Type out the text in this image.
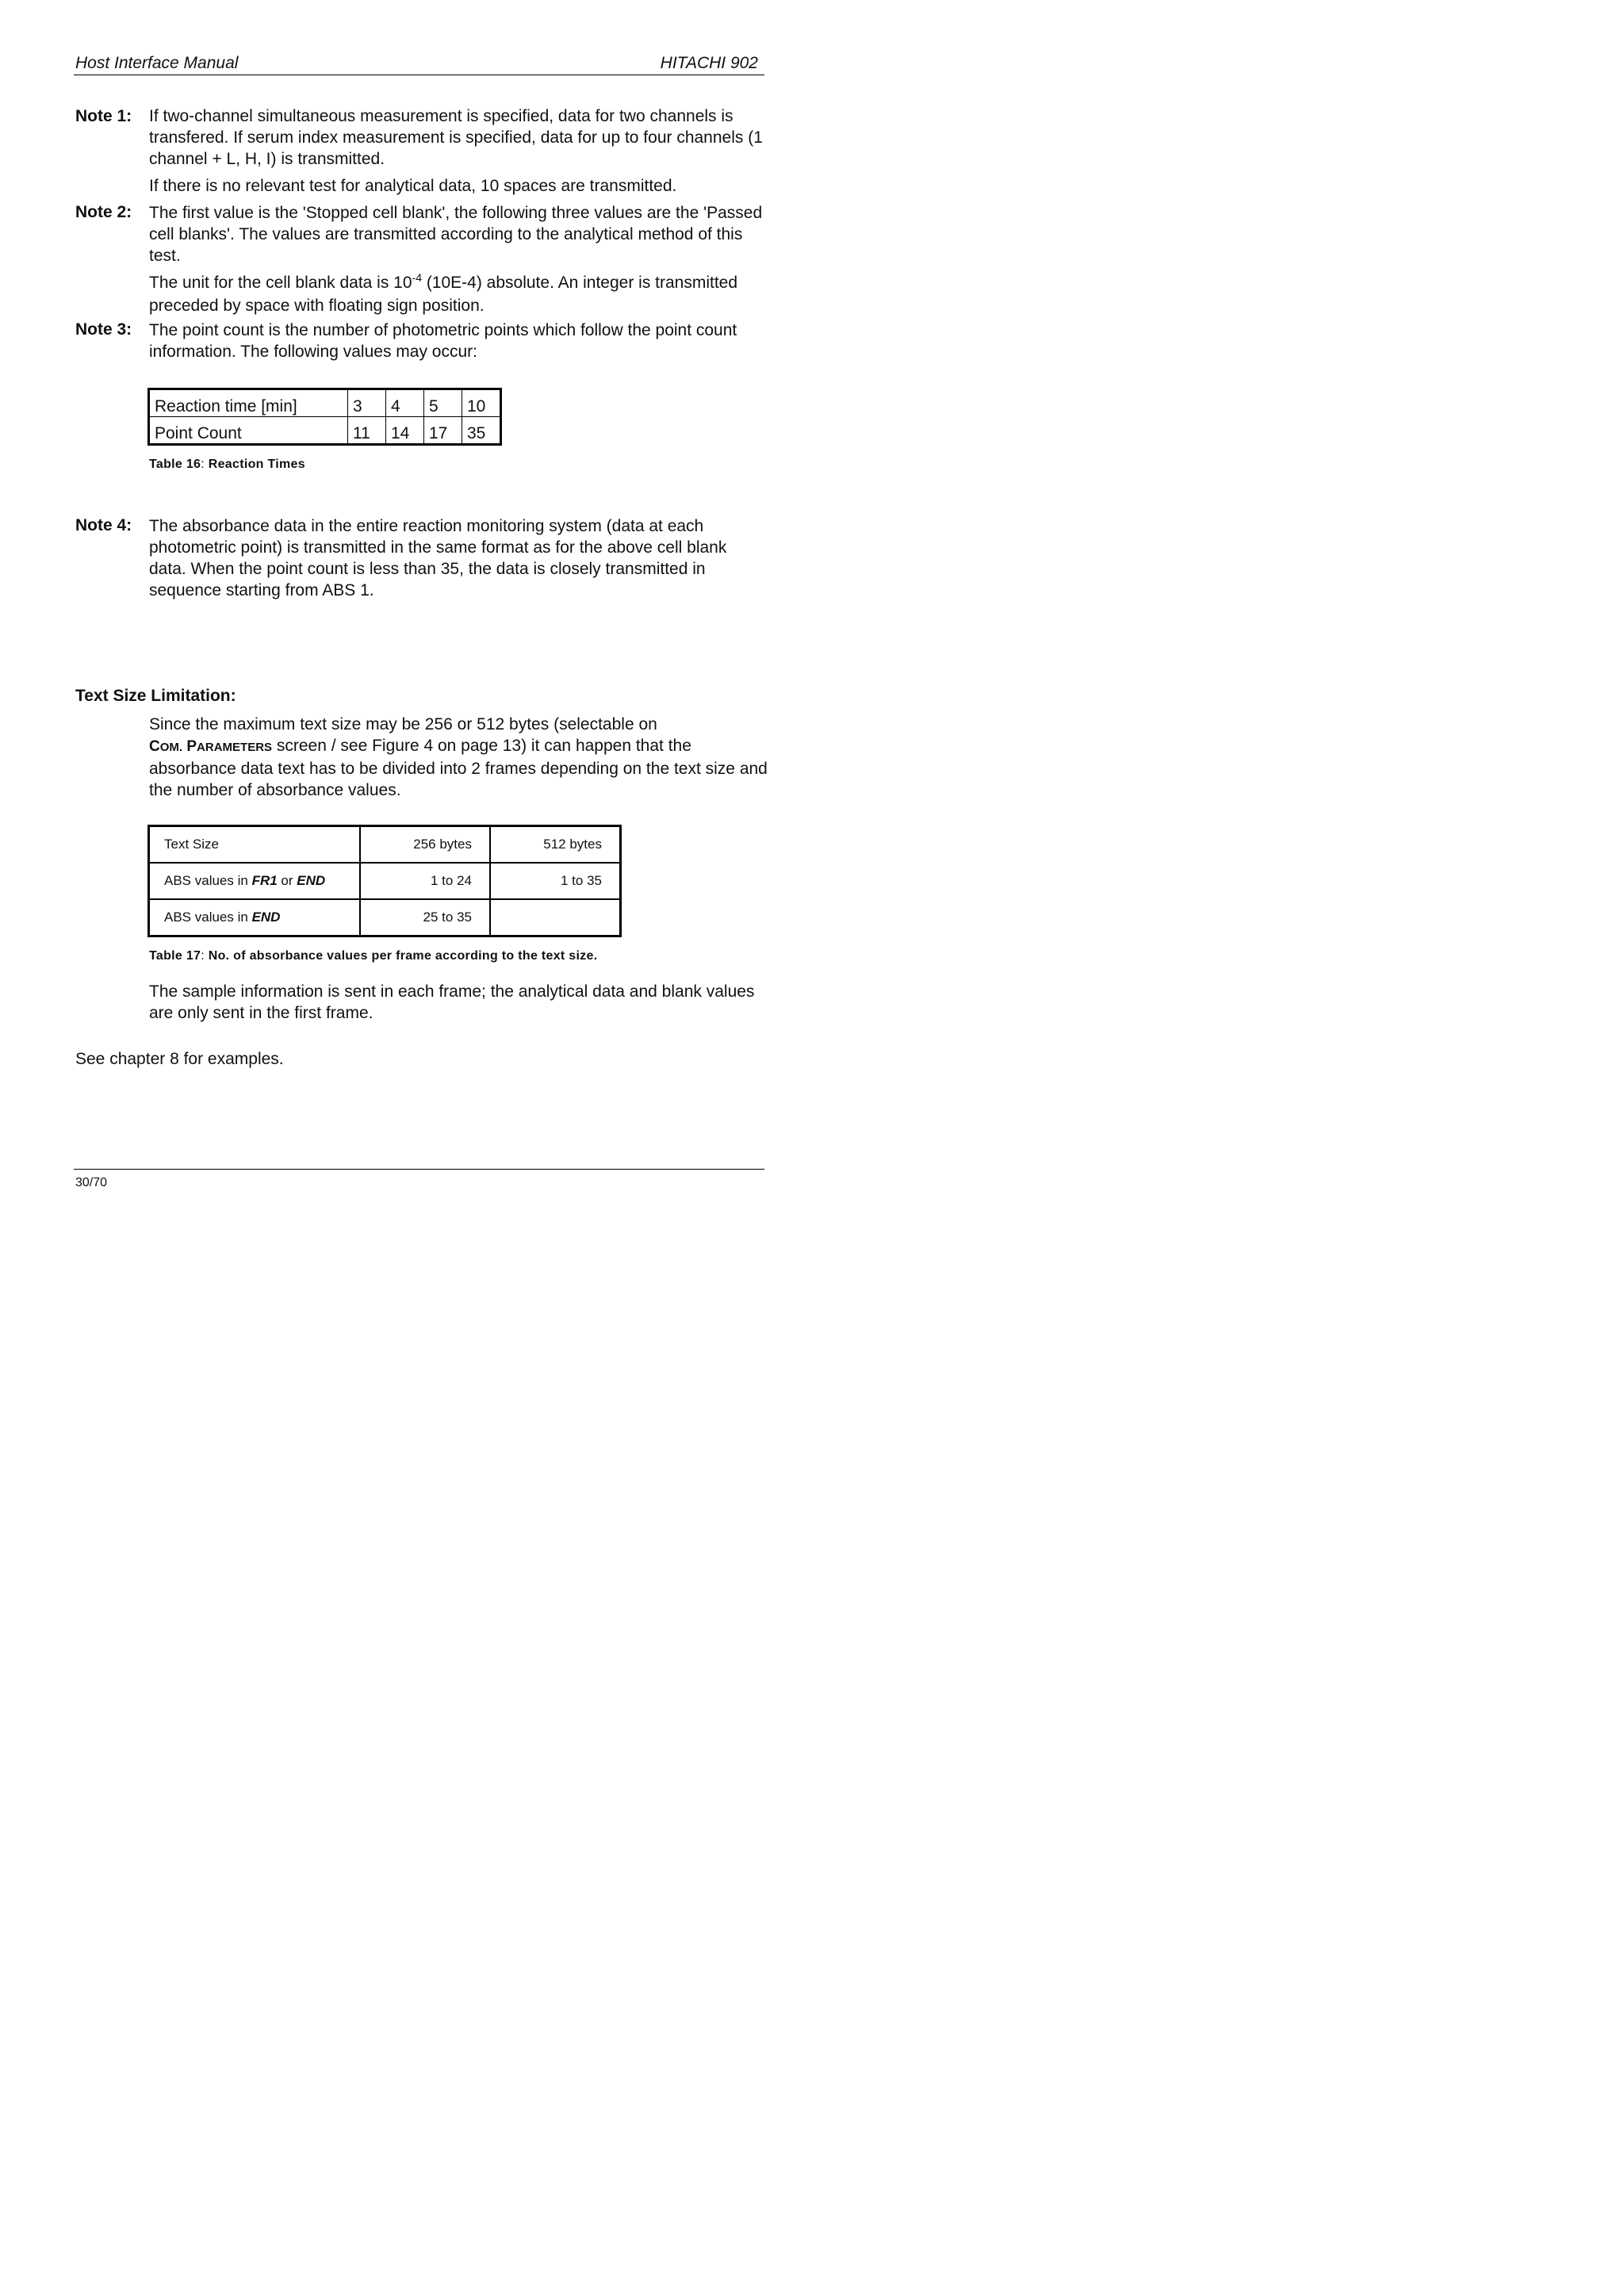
Host Interface Manual	HITACHI 902
Note 1: If two-channel simultaneous measurement is specified, data for two channels is transfered. If serum index measurement is specified, data for up to four channels (1 channel + L, H, I) is transmitted.

If there is no relevant test for analytical data, 10 spaces are transmitted.

Note 2: The first value is the 'Stopped cell blank', the following three values are the 'Passed cell blanks'. The values are transmitted according to the analytical method of this test.

The unit for the cell blank data is $10^{-4}$ (10E-4) absolute. An integer is transmitted preceded by space with floating sign position.

Note 3: The point count is the number of photometric points which follow the point count information. The following values may occur:

Reaction time [min]	3	4	5	10
Point Count	11	14	17	35
Table 16: Reaction Times
Note 4: The absorbance data in the entire reaction monitoring system (data at each photometric point) is transmitted in the same format as for the above cell blank data. When the point count is less than 35, the data is closely transmitted in sequence starting from ABS 1.

Text Size Limitation:

Since the maximum text size may be 256 or 512 bytes (selectable on
COM. PARAMETERS screen / see Figure 4 on page 13) it can happen that the absorbance data text has to be divided into 2 frames depending on the text size and the number of absorbance values.

Text Size	256 bytes	512 bytes
ABS values in FR1 or END	1 to 24	1 to 35
ABS values in END	25 to 35	
Table 17: No. of absorbance values per frame according to the text size.

The sample information is sent in each frame; the analytical data and blank values are only sent in the first frame.

See chapter 8 for examples.
30/70
